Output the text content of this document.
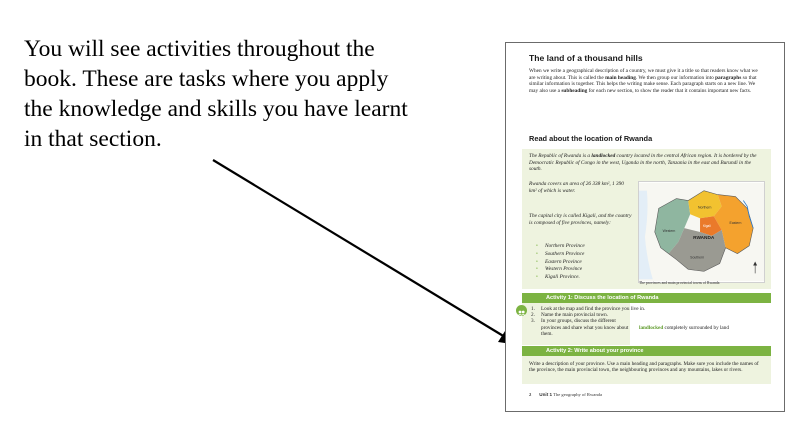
You will see activities throughout the
book. These are tasks where you apply
the knowledge and skills you have learnt
in that section.
The land of a thousand hills
When we write a geographical description of a country, we must give it a title so that readers know what we are writing about. This is called the main heading. We then group our information into paragraphs so that similar information is together. This helps the writing make sense. Each paragraph starts on a new line. We may also use a subheading for each new section, to show the reader that it contains important new facts.
Read about the location of Rwanda
The Republic of Rwanda is a landlocked country located in the central African region. It is bordered by the Democratic Republic of Congo in the west, Uganda in the north, Tanzania in the east and Burundi in the south.
Rwanda covers an area of 26 338 km², 1 390 km² of which is water.
The capital city is called Kigali, and the country is composed of five provinces, namely:
• Northern Province
• Southern Province
• Eastern Province
• Western Province
• Kigali Province.
RWANDA
Northern
Eastern
Kigali
Western
Southern
The provinces and main provincial towns of Rwanda
Activity 1: Discuss the location of Rwanda
1.	Look at the map and find the province you live in.
2.	Name the main provincial town.
3.	In your groups, discuss the different provinces and share what you know about them.
landlocked completely surrounded by land
Activity 2: Write about your province
Write a description of your province. Use a main heading and paragraphs. Make sure you include the names of the province, the main provincial town, the neighbouring provinces and any mountains, lakes or rivers.
2 Unit 1 The geography of Rwanda
